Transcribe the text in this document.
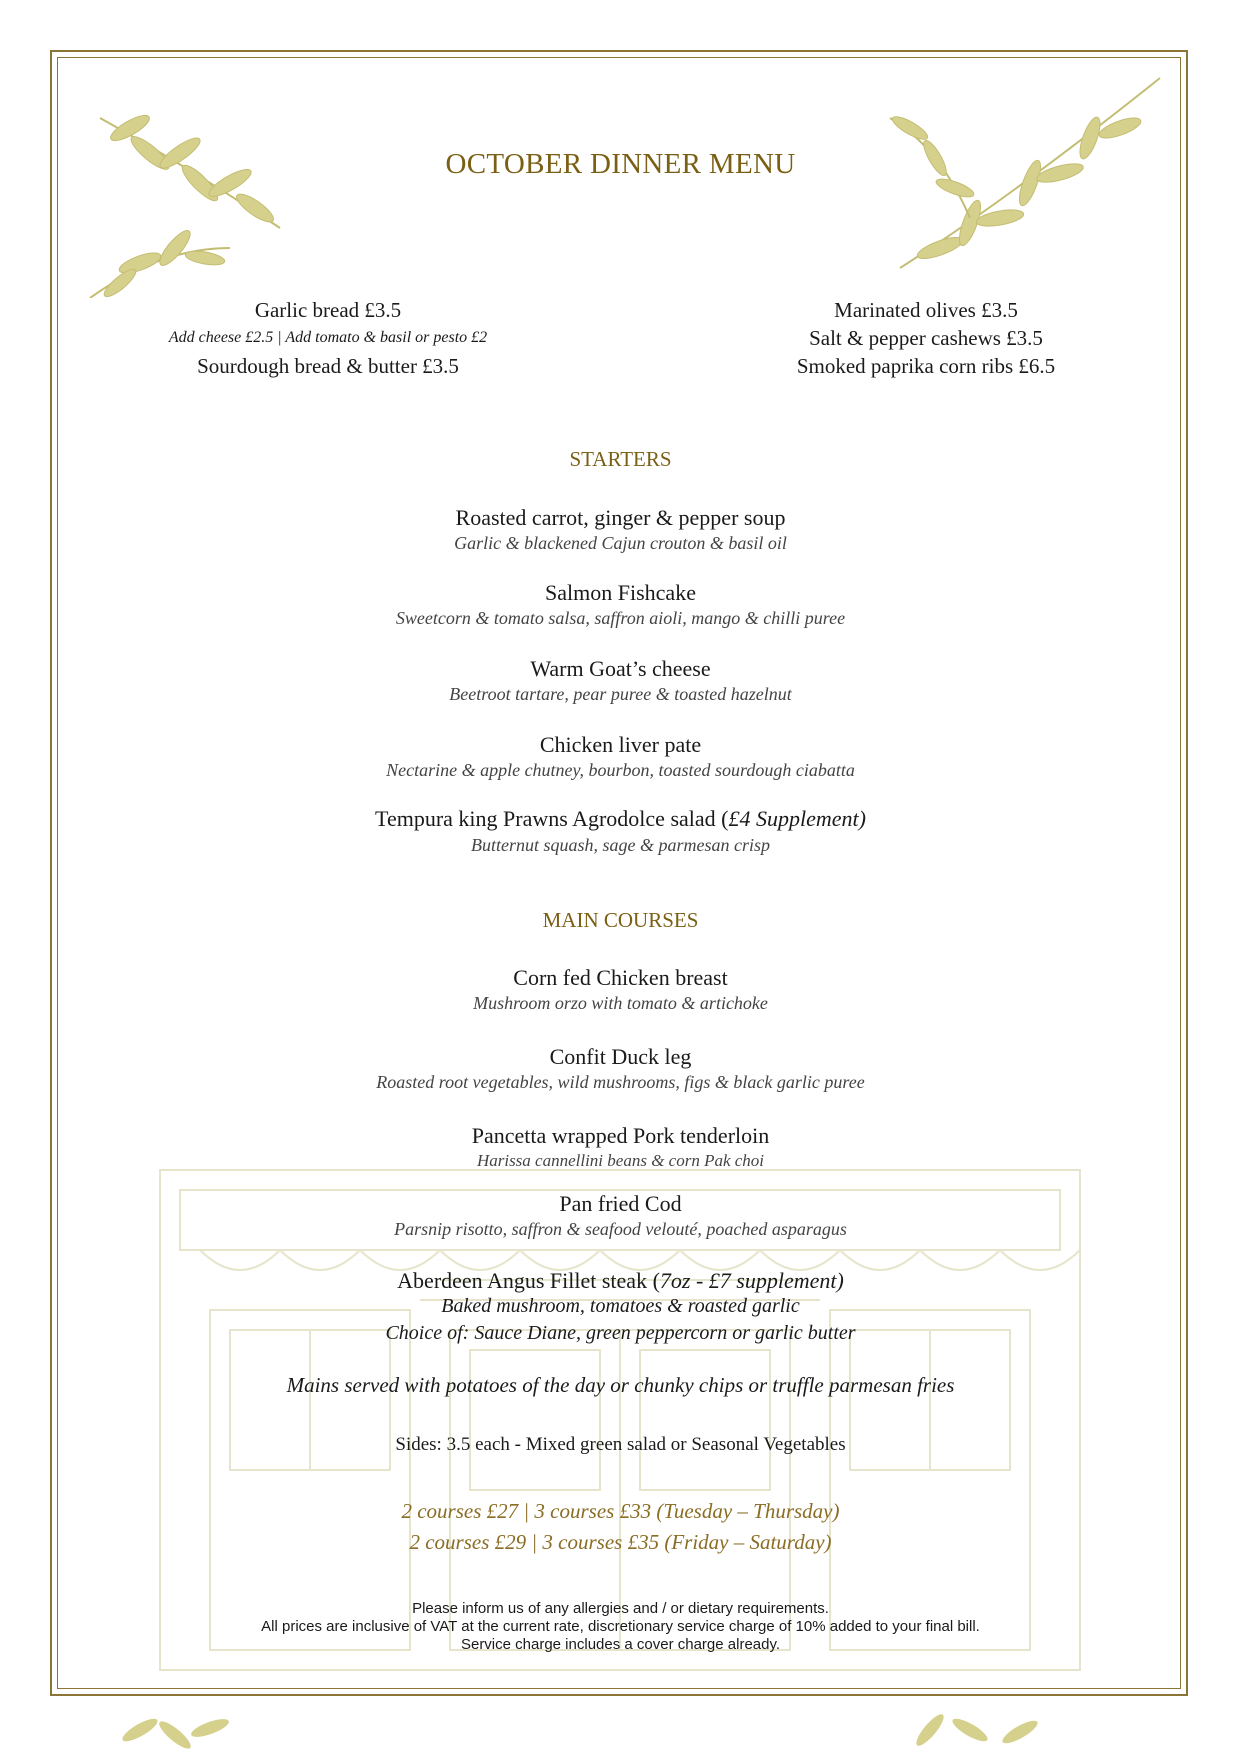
OCTOBER DINNER MENU
Garlic bread £3.5
Add cheese £2.5 | Add tomato & basil or pesto £2
Sourdough bread & butter £3.5
Marinated olives £3.5
Salt & pepper cashews £3.5
Smoked paprika corn ribs £6.5
STARTERS
Roasted carrot, ginger & pepper soup
Garlic & blackened Cajun crouton & basil oil
Salmon Fishcake
Sweetcorn & tomato salsa, saffron aioli, mango & chilli puree
Warm Goat’s cheese
Beetroot tartare, pear puree & toasted hazelnut
Chicken liver pate
Nectarine & apple chutney, bourbon, toasted sourdough ciabatta
Tempura king Prawns Agrodolce salad (£4 Supplement)
Butternut squash, sage & parmesan crisp
MAIN COURSES
Corn fed Chicken breast
Mushroom orzo with tomato & artichoke
Confit Duck leg
Roasted root vegetables, wild mushrooms, figs & black garlic puree
Pancetta wrapped Pork tenderloin
Harissa cannellini beans & corn Pak choi
Pan fried Cod
Parsnip risotto, saffron & seafood velouté, poached asparagus
Aberdeen Angus Fillet steak (7oz - £7 supplement)
Baked mushroom, tomatoes & roasted garlic
Choice of: Sauce Diane, green peppercorn or garlic butter
Mains served with potatoes of the day or chunky chips or truffle parmesan fries
Sides: 3.5 each - Mixed green salad or Seasonal Vegetables
2 courses £27 | 3 courses £33 (Tuesday – Thursday)
2 courses £29 | 3 courses £35 (Friday – Saturday)
Please inform us of any allergies and / or dietary requirements.
All prices are inclusive of VAT at the current rate, discretionary service charge of 10% added to your final bill.
Service charge includes a cover charge already.
